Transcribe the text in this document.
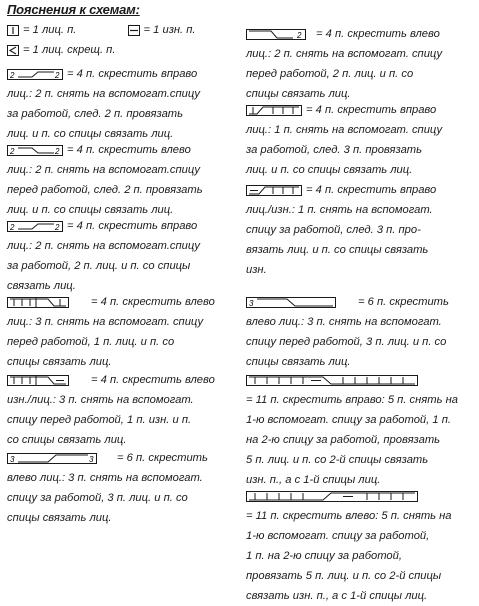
Пояснения к схемам:
= 1 лиц. п.	= 1 изн. п.
= 1 лиц. скрещ. п.
2	2 = 4 п. скрестить вправо
лиц.: 2 п. снять на вспомогат.спицу
за работой, след. 2 п. провязать
лиц. и п. со спицы связать лиц.
2	2 = 4 п. скрестить влево
лиц.: 2 п. снять на вспомогат.спицу
перед работой, след. 2 п. провязать
лиц. и п. со спицы связать лиц.
2	2 = 4 п. скрестить вправо
лиц.: 2 п. снять на вспомогат.спицу
за работой, 2 п. лиц. и п. со спицы
связать лиц.
= 4 п. скрестить влево
лиц.: 3 п. снять на вспомогат. спицу
перед работой, 1 п. лиц. и п. со
спицы связать лиц.
= 4 п. скрестить влево
изн./лиц.: 3 п. снять на вспомогат.
спицу перед работой, 1 п. изн. и п.
со спицы связать лиц.
3	3 = 6 п. скрестить
влево лиц.: 3 п. снять на вспомогат.
спицу за работой, 3 п. лиц. и п. со
спицы связать лиц.
2 = 4 п. скрестить влево
лиц.: 2 п. снять на вспомогат. спицу
перед работой, 2 п. лиц. и п. со
спицы связать лиц.
= 4 п. скрестить вправо
лиц.: 1 п. снять на вспомогат. спицу
за работой, след. 3 п. провязать
лиц. и п. со спицы связать лиц.
= 4 п. скрестить вправо
лиц./изн.: 1 п. снять на вспомогат.
спицу за работой, след. 3 п. про-
вязать лиц. и п. со спицы связать
изн.
3	= 6 п. скрестить
влево лиц.: 3 п. снять на вспомогат.
спицу перед работой, 3 п. лиц. и п. со
спицы связать лиц.
= 11 п. скрестить вправо: 5 п. снять на
1-ю вспомогат. спицу за работой, 1 п.
на 2-ю спицу за работой, провязать
5 п. лиц. и п. со 2-й спицы связать
изн. п., а с 1-й спицы лиц.
= 11 п. скрестить влево: 5 п. снять на
1-ю вспомогат. спицу за работой,
1 п. на 2-ю спицу за работой,
провязать 5 п. лиц. и п. со 2-й спицы
связать изн. п., а с 1-й спицы лиц.
